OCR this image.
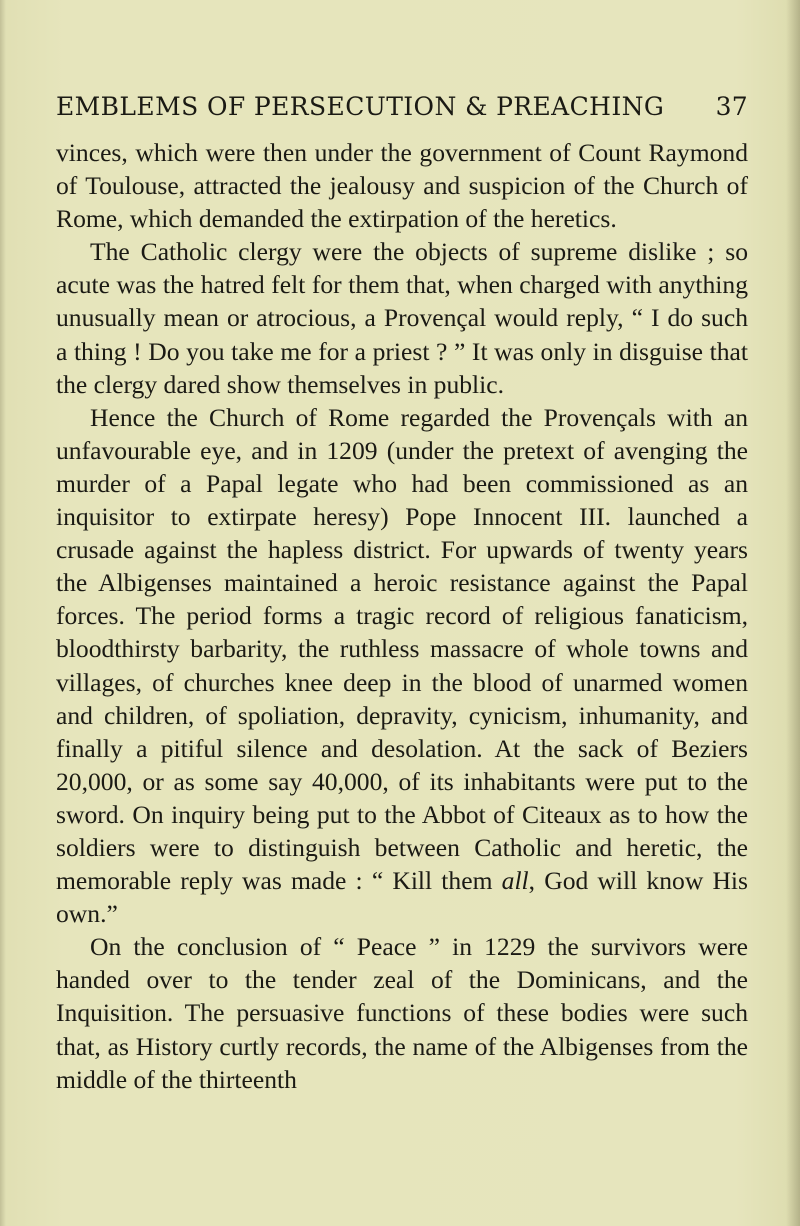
EMBLEMS OF PERSECUTION & PREACHING 37

vinces, which were then under the government of Count Raymond of Toulouse, attracted the jealousy and suspicion of the Church of Rome, which demanded the extirpation of the heretics.

The Catholic clergy were the objects of supreme dislike ; so acute was the hatred felt for them that, when charged with anything unusually mean or atrocious, a Provençal would reply, “ I do such a thing ! Do you take me for a priest ? ” It was only in disguise that the clergy dared show themselves in public.

Hence the Church of Rome regarded the Provençals with an unfavourable eye, and in 1209 (under the pretext of avenging the murder of a Papal legate who had been commissioned as an inquisitor to extirpate heresy) Pope Innocent III. launched a crusade against the hapless district. For upwards of twenty years the Albigenses maintained a heroic resistance against the Papal forces. The period forms a tragic record of religious fanaticism, bloodthirsty barbarity, the ruthless massacre of whole towns and villages, of churches knee deep in the blood of unarmed women and children, of spoliation, depravity, cynicism, inhumanity, and finally a pitiful silence and desolation. At the sack of Beziers 20,000, or as some say 40,000, of its inhabitants were put to the sword. On inquiry being put to the Abbot of Citeaux as to how the soldiers were to distinguish between Catholic and heretic, the memorable reply was made : “ Kill them all, God will know His own.”

On the conclusion of “ Peace ” in 1229 the survivors were handed over to the tender zeal of the Dominicans, and the Inquisition. The persuasive functions of these bodies were such that, as History curtly records, the name of the Albigenses from the middle of the thirteenth
